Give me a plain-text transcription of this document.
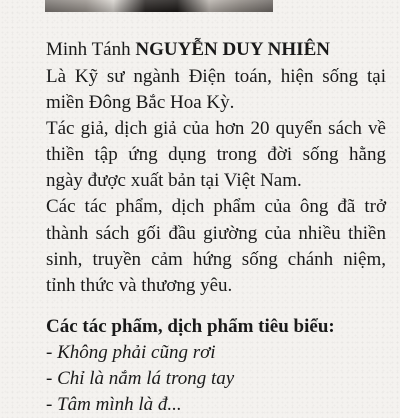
Minh Tánh NGUYỄN DUY NHIÊN

Là Kỹ sư ngành Điện toán, hiện sống tại miền Đông Bắc Hoa Kỳ.

Tác giả, dịch giả của hơn 20 quyển sách về thiền tập ứng dụng trong đời sống hằng ngày được xuất bản tại Việt Nam.

Các tác phẩm, dịch phẩm của ông đã trở thành sách gối đầu giường của nhiều thiền sinh, truyền cảm hứng sống chánh niệm, tỉnh thức và thương yêu.

Các tác phẩm, dịch phẩm tiêu biểu:

- Không phải cũng rơi
- Chỉ là nắm lá trong tay
- Tâm mình là đ...
